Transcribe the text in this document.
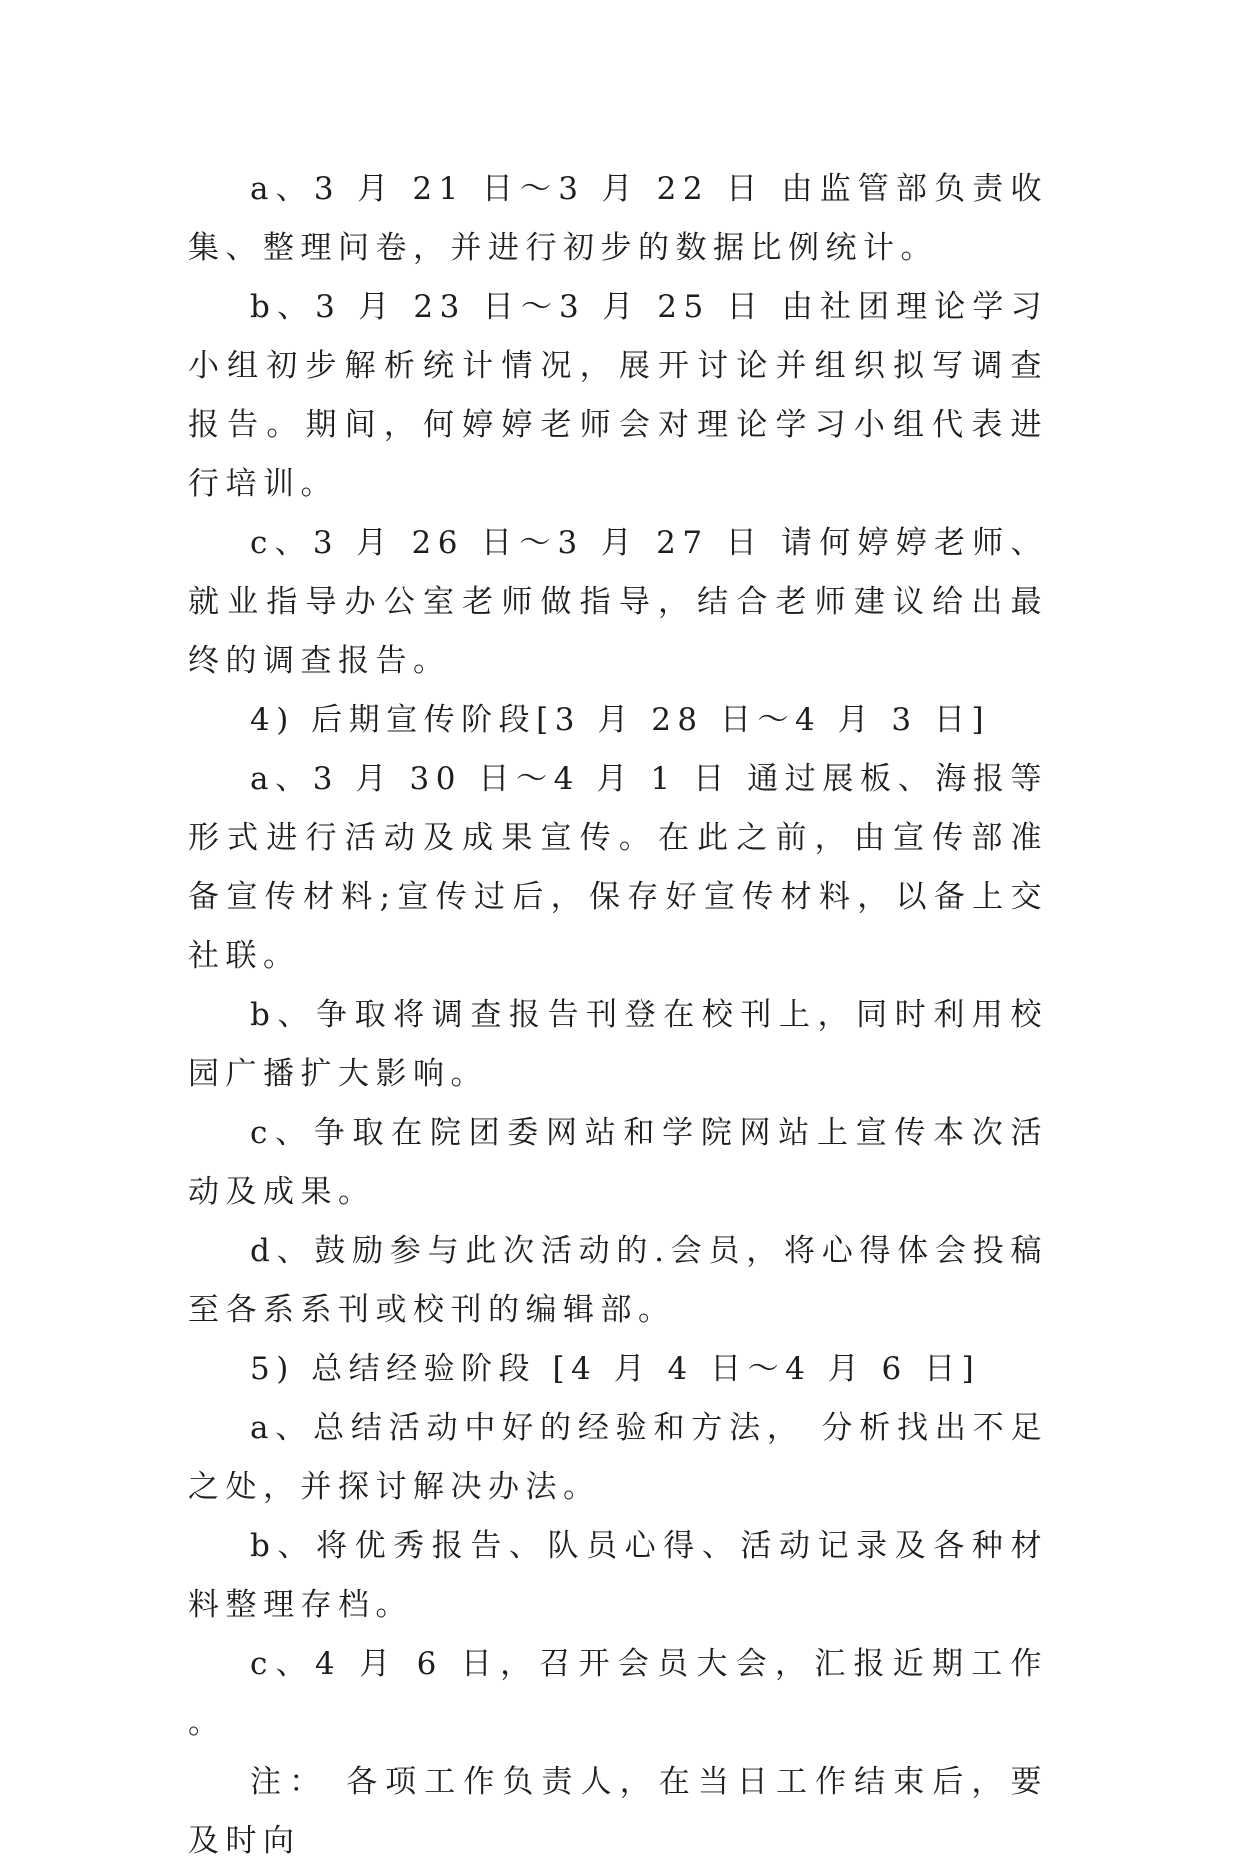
a、3 月 21 日～3 月 22 日 由监管部负责收集、整理问卷，并进行初步的数据比例统计。

b、3 月 23 日～3 月 25 日 由社团理论学习小组初步解析统计情况，展开讨论并组织拟写调查报告。期间，何婷婷老师会对理论学习小组代表进行培训。

c、3 月 26 日～3 月 27 日 请何婷婷老师、就业指导办公室老师做指导，结合老师建议给出最终的调查报告。

4) 后期宣传阶段[3 月 28 日～4 月 3 日]

a、3 月 30 日～4 月 1 日 通过展板、海报等形式进行活动及成果宣传。在此之前，由宣传部准备宣传材料;宣传过后，保存好宣传材料，以备上交社联。

b、争取将调查报告刊登在校刊上，同时利用校园广播扩大影响。

c、争取在院团委网站和学院网站上宣传本次活动及成果。

d、鼓励参与此次活动的.会员，将心得体会投稿至各系系刊或校刊的编辑部。

5) 总结经验阶段 [4 月 4 日～4 月 6 日]

a、总结活动中好的经验和方法， 分析找出不足之处，并探讨解决办法。

b、将优秀报告、队员心得、活动记录及各种材料整理存档。

c、4 月 6 日，召开会员大会，汇报近期工作。

注： 各项工作负责人，在当日工作结束后，要及时向
